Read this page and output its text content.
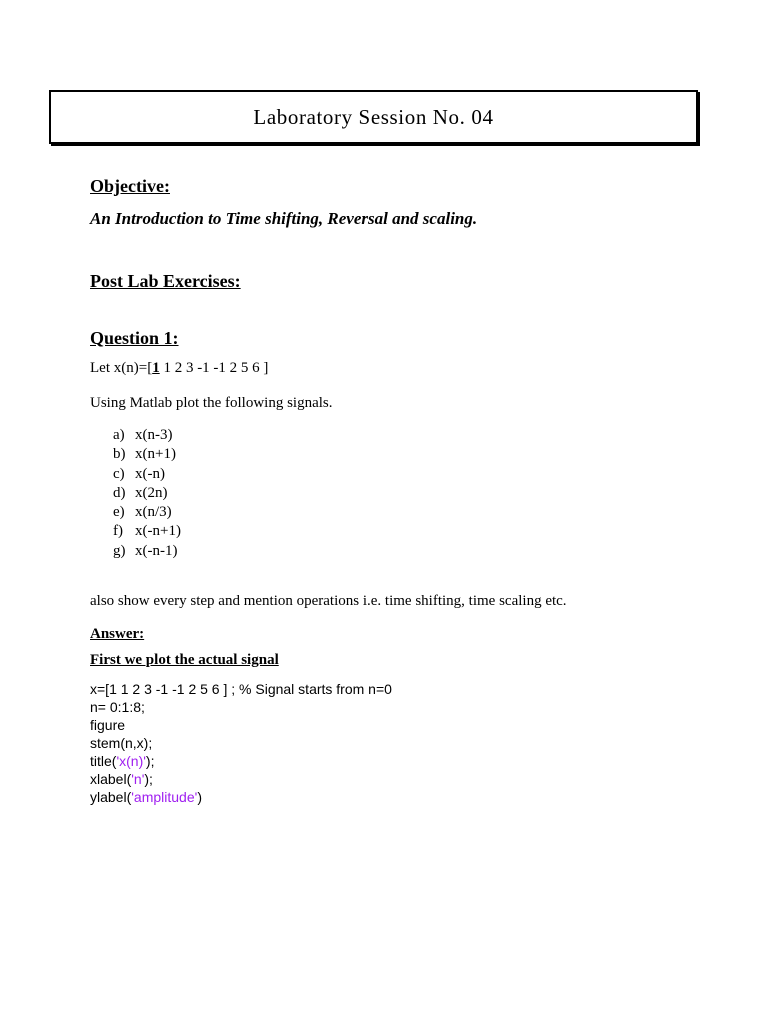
Laboratory Session No. 04
Objective:
An Introduction to Time shifting, Reversal and scaling.
Post Lab Exercises:
Question 1:
Let x(n)=[1 1 2 3 -1 -1 2 5 6 ]
Using Matlab plot the following signals.
a) x(n-3)
b) x(n+1)
c) x(-n)
d) x(2n)
e) x(n/3)
f) x(-n+1)
g) x(-n-1)
also show every step and mention operations i.e. time shifting, time scaling etc.
Answer:
First we plot the actual signal
x=[1 1 2 3 -1 -1 2 5 6 ] ; % Signal starts from n=0
n= 0:1:8;
figure
stem(n,x);
title('x(n)');
xlabel('n');
ylabel('amplitude')
